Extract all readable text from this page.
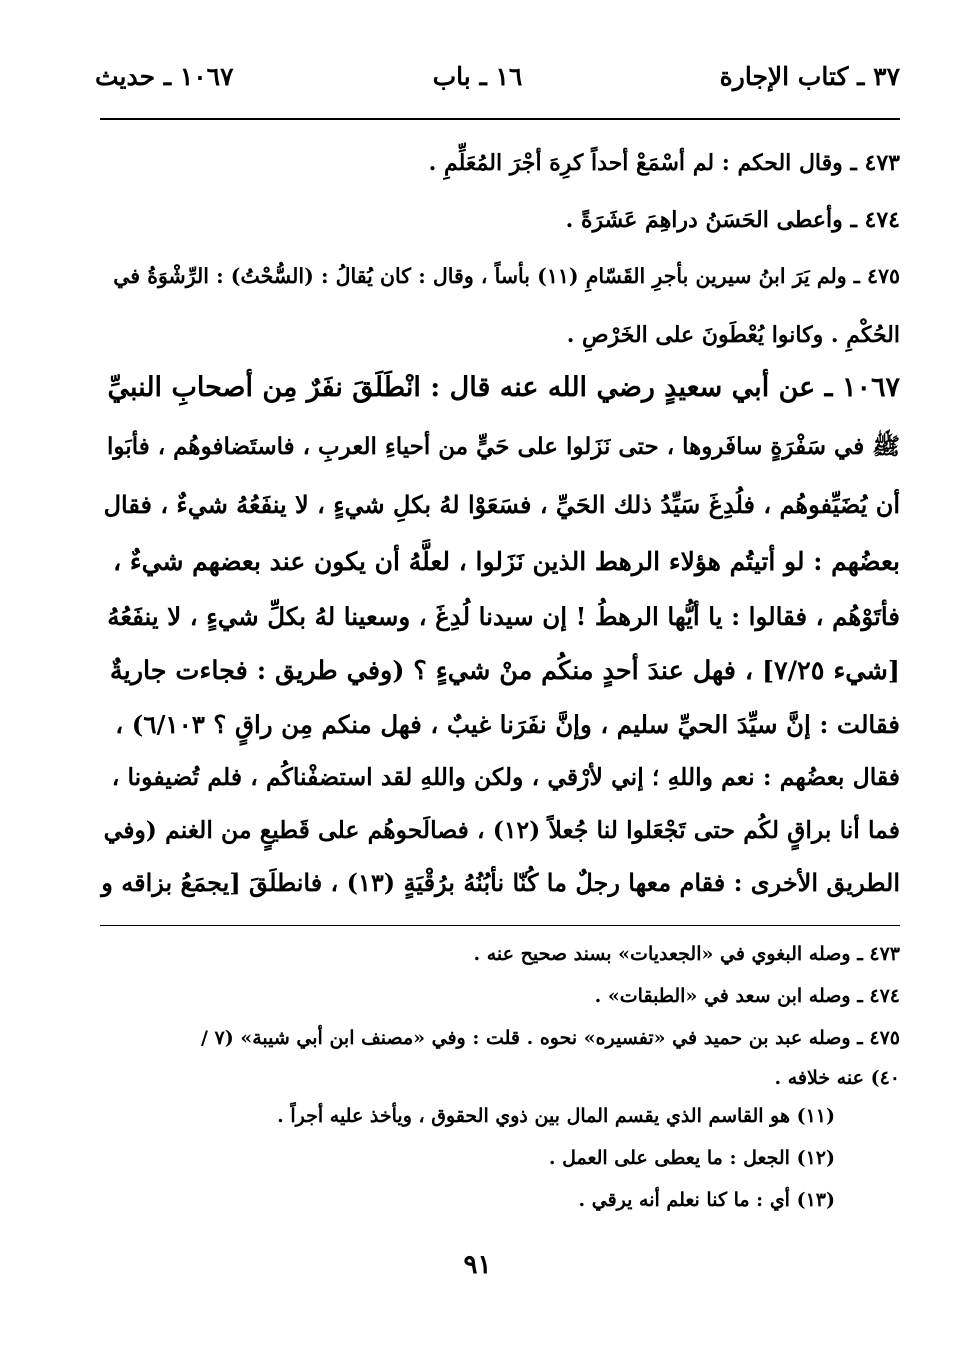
٣٧ ـ كتاب الإجارة
١٦ ـ باب
١٠٦٧ ـ حديث
٤٧٣ ـ وقال الحكم : لم أسْمَعْ أحداً كرِهَ أجْرَ المُعَلِّمِ .
٤٧٤ ـ وأعطى الحَسَنُ دراهِمَ عَشَرَةً .
٤٧٥ ـ ولم يَرَ ابنُ سيرين بأجرِ القَسّامِ (١١) بأساً ، وقال : كان يُقالُ : (السُّحْتُ) : الرِّشْوَةُ في
الحُكْمِ . وكانوا يُعْطَونَ على الخَرْصِ .
١٠٦٧ ـ عن أبي سعيدٍ رضي الله عنه قال : انْطَلَقَ نفَرٌ مِن أصحابِ النبيِّ
ﷺ في سَفْرَةٍ سافَروها ، حتى نَزَلوا على حَيٍّ من أحياءِ العربِ ، فاستَضافوهُم ، فأبَوا
أن يُضَيِّفوهُم ، فلُدِغَ سَيِّدُ ذلك الحَيِّ ، فسَعَوْا لهُ بكلِ شيءٍ ، لا ينفَعُهُ شيءٌ ، فقال
بعضُهم : لو أتيتُم هؤلاء الرهط الذين نَزَلوا ، لعلَّهُ أن يكون عند بعضهم شيءٌ ،
فأتَوْهُم ، فقالوا : يا أيُّها الرهطُ ! إن سيدنا لُدِغَ ، وسعينا لهُ بكلِّ شيءٍ ، لا ينفَعُهُ
[شيء ٧/٢٥] ، فهل عندَ أحدٍ منكُم منْ شيءٍ ؟ (وفي طريق : فجاءت جاريةٌ
فقالت : إنَّ سيِّدَ الحيِّ سليم ، وإنَّ نفَرَنا غيبٌ ، فهل منكم مِن راقٍ ؟ ٦/١٠٣) ،
فقال بعضُهم : نعم واللهِ ؛ إني لأرْقي ، ولكن واللهِ لقد استضفْناكُم ، فلم تُضيفونا ،
فما أنا براقٍ لكُم حتى تَجْعَلوا لنا جُعلاً (١٢) ، فصالَحوهُم على قَطيعٍ من الغنم (وفي
الطريق الأخرى : فقام معها رجلٌ ما كُنّا نأبُنُهُ برُقْيَةٍ (١٣) ، فانطلَقَ [يجمَعُ بزاقه و
٤٧٣ ـ وصله البغوي في «الجعديات» بسند صحيح عنه .
٤٧٤ ـ وصله ابن سعد في «الطبقات» .
٤٧٥ ـ وصله عبد بن حميد في «تفسيره» نحوه . قلت : وفي «مصنف ابن أبي شيبة» (٧ /
٤٠) عنه خلافه .
(١١) هو القاسم الذي يقسم المال بين ذوي الحقوق ، ويأخذ عليه أجراً .
(١٢) الجعل : ما يعطى على العمل .
(١٣) أي : ما كنا نعلم أنه يرقي .
٩١
